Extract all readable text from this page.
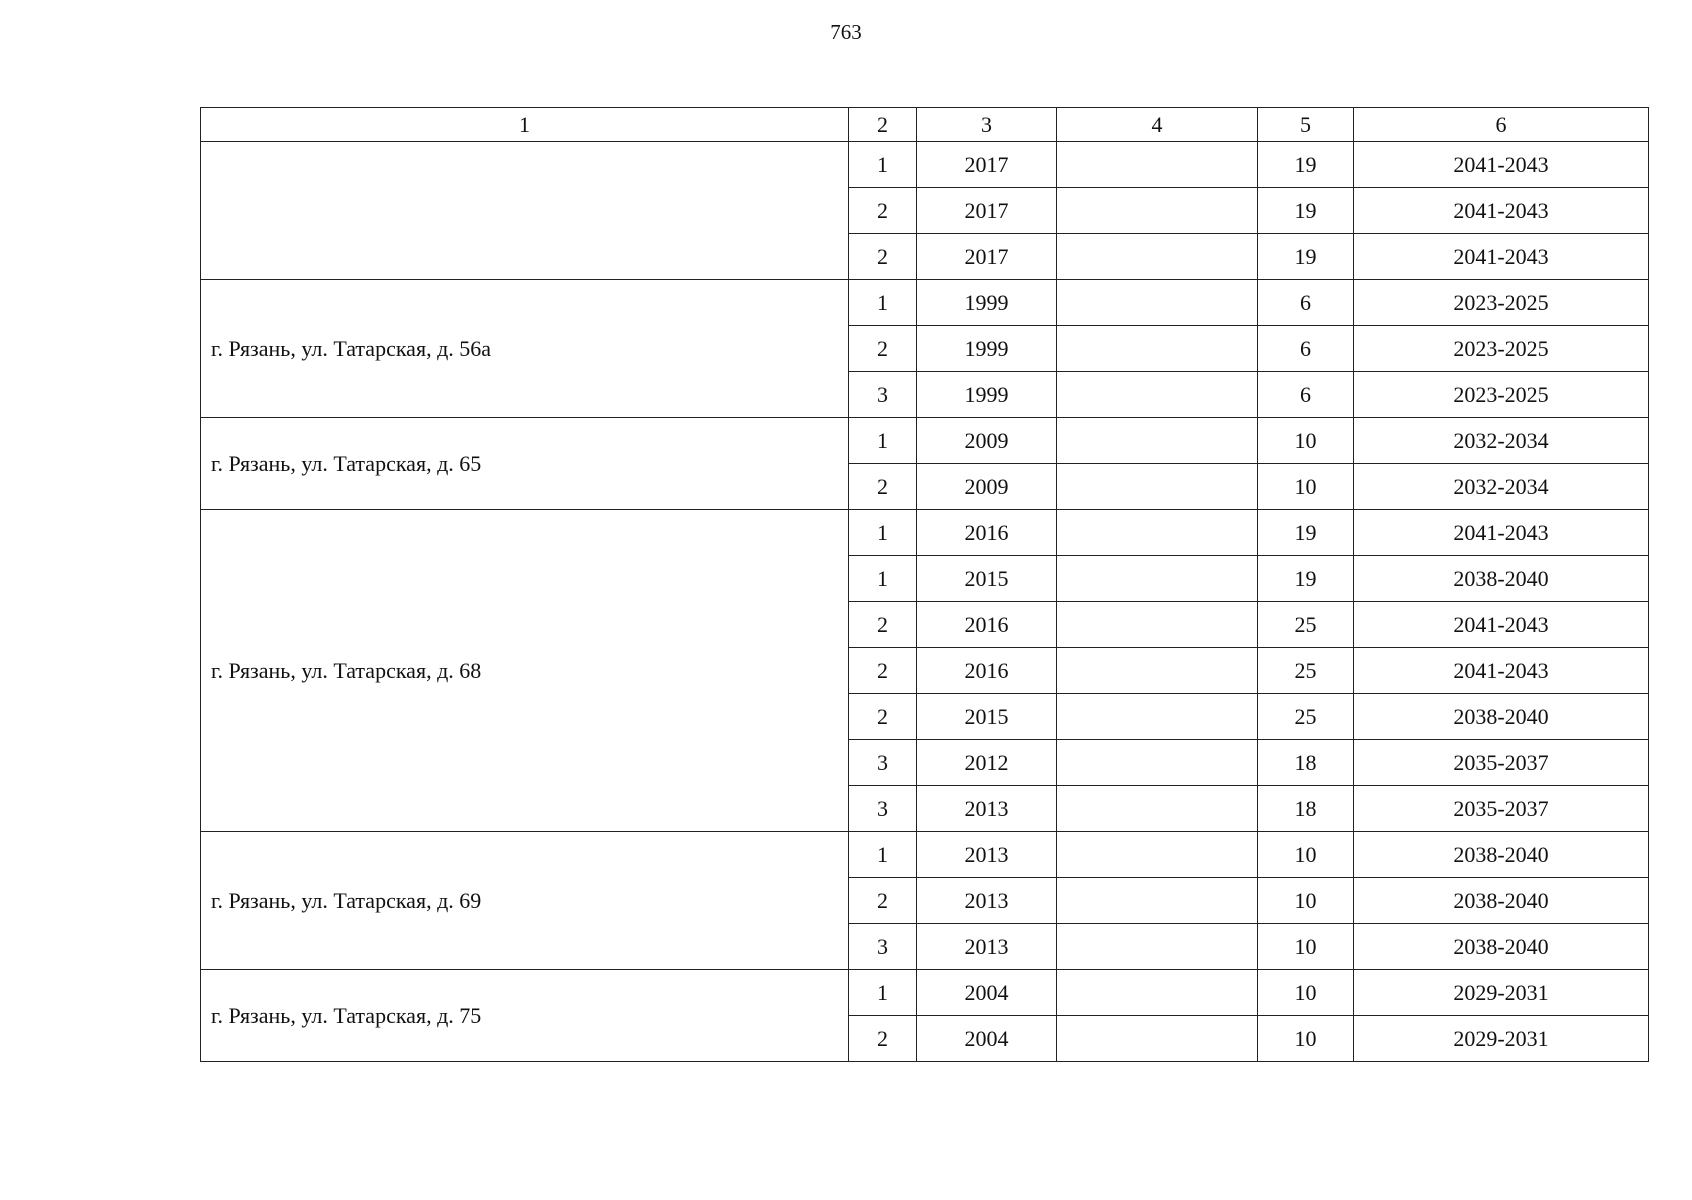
763
1	2	3	4	5	6
	1	2017		19	2041-2043
	2	2017		19	2041-2043
	2	2017		19	2041-2043
г. Рязань, ул. Татарская, д. 56а	1	1999		6	2023-2025
	2	1999		6	2023-2025
	3	1999		6	2023-2025
г. Рязань, ул. Татарская, д. 65	1	2009		10	2032-2034
	2	2009		10	2032-2034
г. Рязань, ул. Татарская, д. 68	1	2016		19	2041-2043
	1	2015		19	2038-2040
	2	2016		25	2041-2043
	2	2016		25	2041-2043
	2	2015		25	2038-2040
	3	2012		18	2035-2037
	3	2013		18	2035-2037
г. Рязань, ул. Татарская, д. 69	1	2013		10	2038-2040
	2	2013		10	2038-2040
	3	2013		10	2038-2040
г. Рязань, ул. Татарская, д. 75	1	2004		10	2029-2031
	2	2004		10	2029-2031
